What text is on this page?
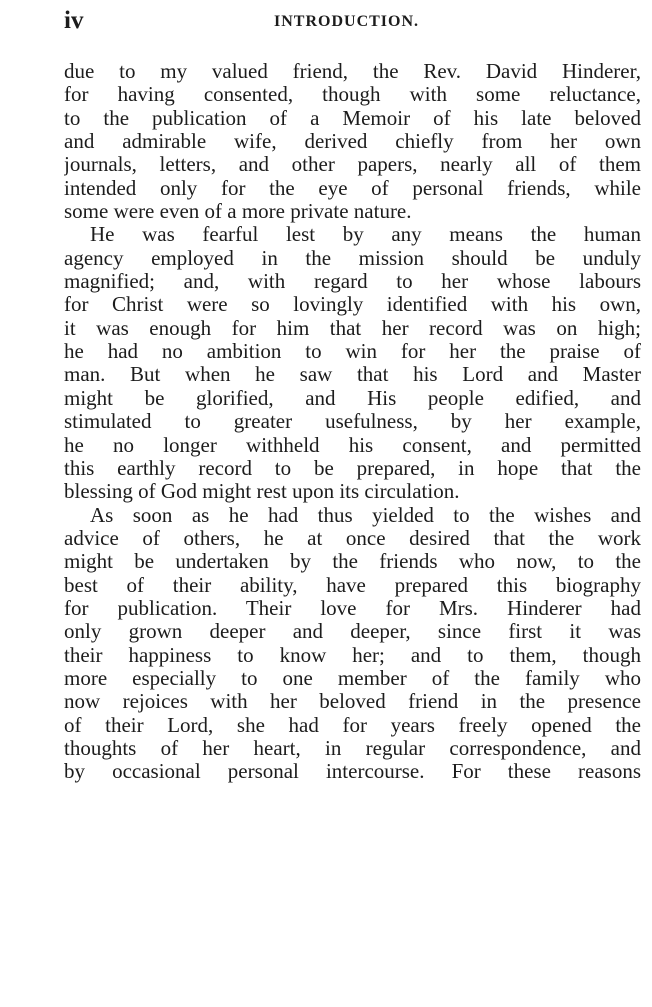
iv	INTRODUCTION.
due to my valued friend, the Rev. David Hinderer,
for having consented, though with some reluctance,
to the publication of a Memoir of his late beloved
and admirable wife, derived chiefly from her own
journals, letters, and other papers, nearly all of them
intended only for the eye of personal friends, while
some were even of a more private nature.
He was fearful lest by any means the human
agency employed in the mission should be unduly
magnified; and, with regard to her whose labours
for Christ were so lovingly identified with his own,
it was enough for him that her record was on high;
he had no ambition to win for her the praise of
man. But when he saw that his Lord and Master
might be glorified, and His people edified, and
stimulated to greater usefulness, by her example,
he no longer withheld his consent, and permitted
this earthly record to be prepared, in hope that the
blessing of God might rest upon its circulation.
As soon as he had thus yielded to the wishes and
advice of others, he at once desired that the work
might be undertaken by the friends who now, to the
best of their ability, have prepared this biography
for publication. Their love for Mrs. Hinderer had
only grown deeper and deeper, since first it was
their happiness to know her; and to them, though
more especially to one member of the family who
now rejoices with her beloved friend in the presence
of their Lord, she had for years freely opened the
thoughts of her heart, in regular correspondence, and
by occasional personal intercourse. For these reasons
